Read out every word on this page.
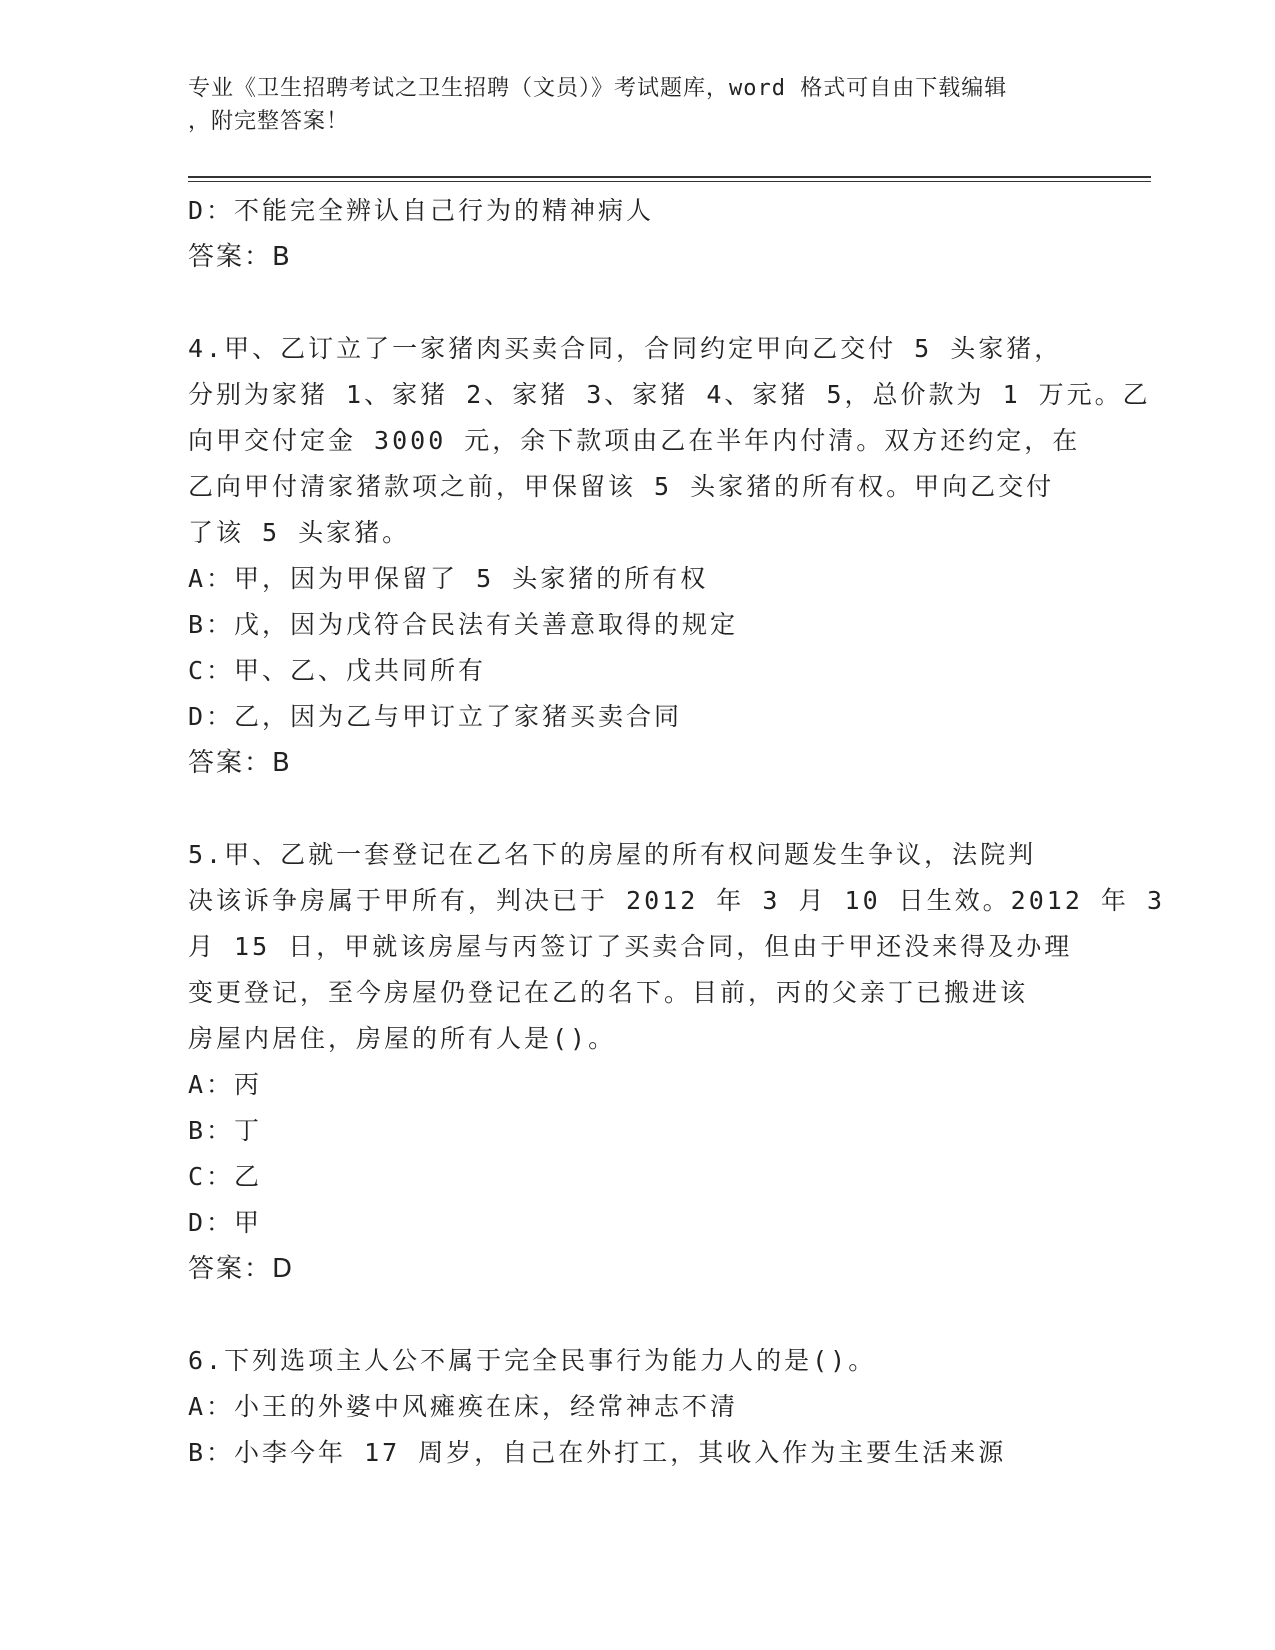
专业《卫生招聘考试之卫生招聘（文员）》考试题库，word 格式可自由下载编辑
，附完整答案！
D：不能完全辨认自己行为的精神病人
答案：B
4.甲、乙订立了一家猪肉买卖合同，合同约定甲向乙交付 5 头家猪，
分别为家猪 1、家猪 2、家猪 3、家猪 4、家猪 5，总价款为 1 万元。乙
向甲交付定金 3000 元，余下款项由乙在半年内付清。双方还约定，在
乙向甲付清家猪款项之前，甲保留该 5 头家猪的所有权。甲向乙交付
了该 5 头家猪。
A：甲，因为甲保留了 5 头家猪的所有权
B：戊，因为戊符合民法有关善意取得的规定
C：甲、乙、戊共同所有
D：乙，因为乙与甲订立了家猪买卖合同
答案：B
5.甲、乙就一套登记在乙名下的房屋的所有权问题发生争议，法院判
决该诉争房属于甲所有，判决已于 2012 年 3 月 10 日生效。2012 年 3
月 15 日，甲就该房屋与丙签订了买卖合同，但由于甲还没来得及办理
变更登记，至今房屋仍登记在乙的名下。目前，丙的父亲丁已搬进该
房屋内居住，房屋的所有人是()。
A：丙
B：丁
C：乙
D：甲
答案：D
6.下列选项主人公不属于完全民事行为能力人的是()。
A：小王的外婆中风瘫痪在床，经常神志不清
B：小李今年 17 周岁，自己在外打工，其收入作为主要生活来源
